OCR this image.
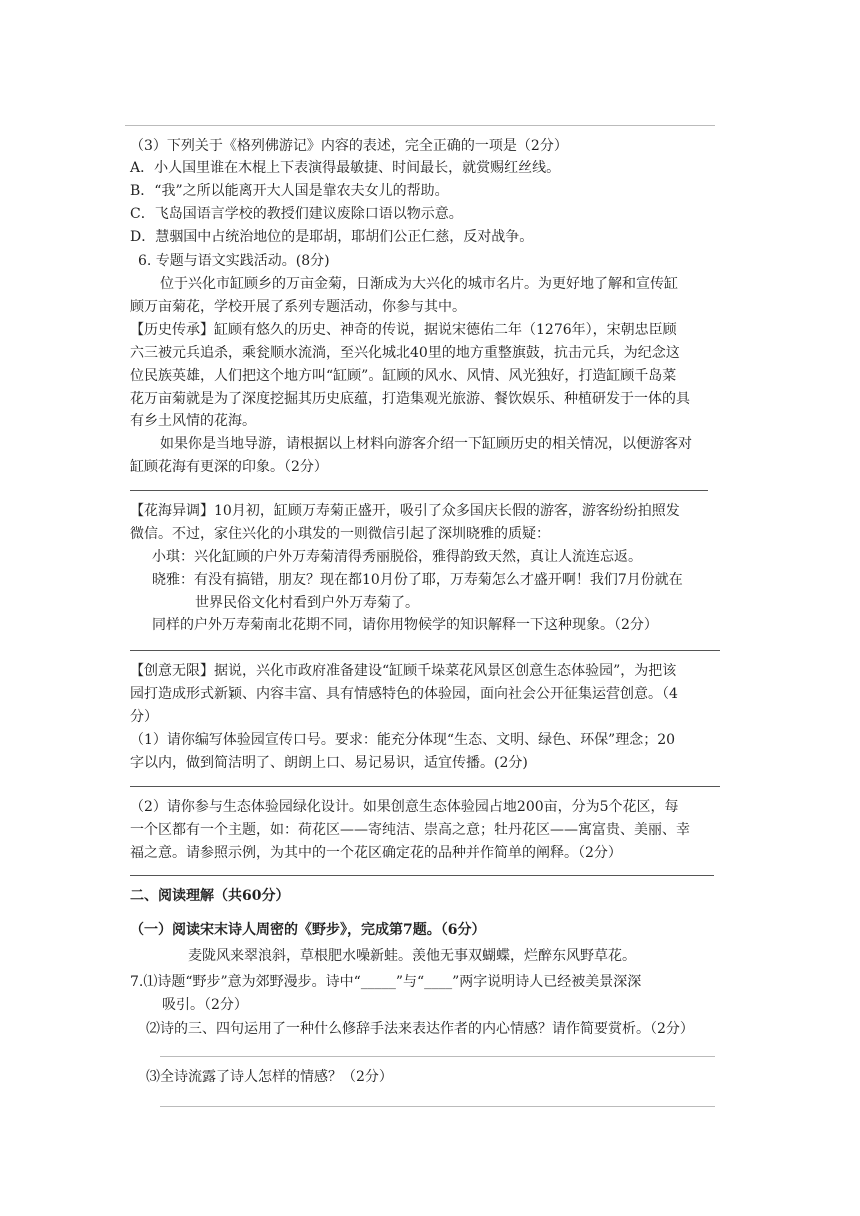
（3）下列关于《格列佛游记》内容的表述，完全正确的一项是（2分）
A．小人国里谁在木棍上下表演得最敏捷、时间最长，就赏赐红丝线。
B．“我”之所以能离开大人国是靠农夫女儿的帮助。
C．飞岛国语言学校的教授们建议废除口语以物示意。
D．慧骃国中占统治地位的是耶胡，耶胡们公正仁慈，反对战争。
6. 专题与语文实践活动。(8分)
位于兴化市缸顾乡的万亩金菊，日渐成为大兴化的城市名片。为更好地了解和宣传缸
顾万亩菊花，学校开展了系列专题活动，你参与其中。
【历史传承】缸顾有悠久的历史、神奇的传说，据说宋德佑二年（1276年），宋朝忠臣顾
六三被元兵追杀，乘瓮顺水流淌，至兴化城北40里的地方重整旗鼓，抗击元兵，为纪念这
位民族英雄，人们把这个地方叫“缸顾”。缸顾的风水、风情、风光独好，打造缸顾千岛菜
花万亩菊就是为了深度挖掘其历史底蕴，打造集观光旅游、餐饮娱乐、种植研发于一体的具
有乡土风情的花海。
如果你是当地导游，请根据以上材料向游客介绍一下缸顾历史的相关情况，以便游客对
缸顾花海有更深的印象。（2分）
【花海异调】10月初，缸顾万寿菊正盛开，吸引了众多国庆长假的游客，游客纷纷拍照发
微信。不过，家住兴化的小琪发的一则微信引起了深圳晓雅的质疑：
小琪：兴化缸顾的户外万寿菊清得秀丽脱俗，雅得韵致天然，真让人流连忘返。
晓雅：有没有搞错，朋友？现在都10月份了耶，万寿菊怎么才盛开啊！我们7月份就在
世界民俗文化村看到户外万寿菊了。
同样的户外万寿菊南北花期不同，请你用物候学的知识解释一下这种现象。（2分）
【创意无限】据说，兴化市政府准备建设“缸顾千垛菜花风景区创意生态体验园”，为把该
园打造成形式新颖、内容丰富、具有情感特色的体验园，面向社会公开征集运营创意。（4
分）
（1）请你编写体验园宣传口号。要求：能充分体现“生态、文明、绿色、环保”理念；20
字以内，做到简洁明了、朗朗上口、易记易识，适宜传播。(2分)
（2）请你参与生态体验园绿化设计。如果创意生态体验园占地200亩，分为5个花区，每
一个区都有一个主题，如：荷花区——寄纯洁、崇高之意；牡丹花区——寓富贵、美丽、幸
福之意。请参照示例，为其中的一个花区确定花的品种并作简单的阐释。（2分）
二、阅读理解（共60分）
（一）阅读宋末诗人周密的《野步》，完成第7题。（6分）
麦陇风来翠浪斜，草根肥水噪新蛙。羡他无事双蝴蝶，烂醉东风野草花。
7.⑴诗题“野步”意为郊野漫步。诗中“_____”与“____”两字说明诗人已经被美景深深
吸引。（2分）
⑵诗的三、四句运用了一种什么修辞手法来表达作者的内心情感？请作简要赏析。（2分）
⑶全诗流露了诗人怎样的情感？（2分）
